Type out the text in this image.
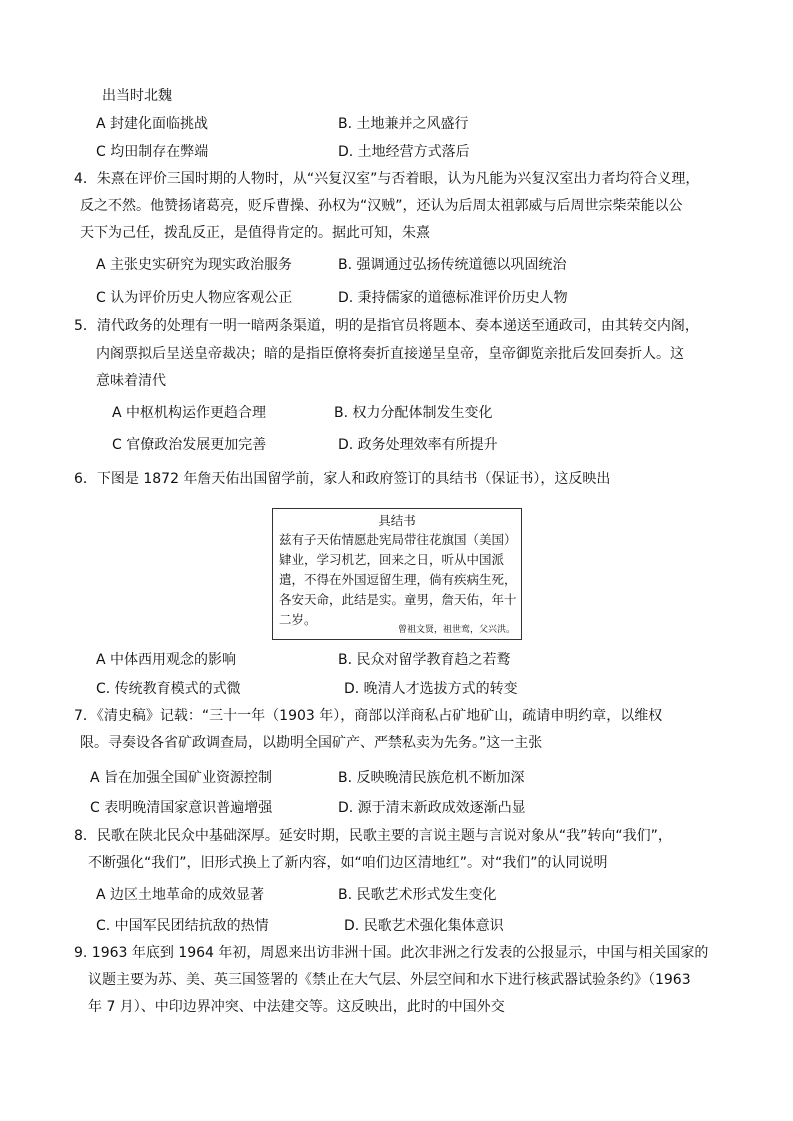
出当时北魏
A 封建化面临挑战	B. 土地兼并之风盛行
C 均田制存在弊端	D. 土地经营方式落后
4．朱熹在评价三国时期的人物时，从“兴复汉室”与否着眼，认为凡能为兴复汉室出力者均符合义理，
反之不然。他赞扬诸葛亮，贬斥曹操、孙权为“汉贼”，还认为后周太祖郭威与后周世宗柴荣能以公
天下为己任，拨乱反正，是值得肯定的。据此可知，朱熹
A 主张史实研究为现实政治服务	B. 强调通过弘扬传统道德以巩固统治
C 认为评价历史人物应客观公正	D. 秉持儒家的道德标准评价历史人物
5．清代政务的处理有一明一暗两条渠道，明的是指官员将题本、奏本递送至通政司，由其转交内阁，
内阁票拟后呈送皇帝裁决；暗的是指臣僚将奏折直接递呈皇帝，皇帝御览亲批后发回奏折人。这
意味着清代
A 中枢机构运作更趋合理	B. 权力分配体制发生变化
C 官僚政治发展更加完善	D. 政务处理效率有所提升
6．下图是 1872 年詹天佑出国留学前，家人和政府签订的具结书（保证书），这反映出
A 中体西用观念的影响	B. 民众对留学教育趋之若鹜
C. 传统教育模式的式微	D. 晚清人才选拔方式的转变
7．《清史稿》记载：“三十一年（1903 年），商部以洋商私占矿地矿山，疏请申明约章，以维权
限。寻奏设各省矿政调查局，以勘明全国矿产、严禁私卖为先务。”这一主张
A 旨在加强全国矿业资源控制	B. 反映晚清民族危机不断加深
C 表明晚清国家意识普遍增强	D. 源于清末新政成效逐渐凸显
8．民歌在陕北民众中基础深厚。延安时期，民歌主要的言说主题与言说对象从“我”转向“我们”，
不断强化“我们”，旧形式换上了新内容，如“咱们边区清地红”。对“我们”的认同说明
A 边区土地革命的成效显著	B. 民歌艺术形式发生变化
C. 中国军民团结抗敌的热情	D. 民歌艺术强化集体意识
9. 1963 年底到 1964 年初，周恩来出访非洲十国。此次非洲之行发表的公报显示，中国与相关国家的
议题主要为苏、美、英三国签署的《禁止在大气层、外层空间和水下进行核武器试验条约》（1963
年 7 月）、中印边界冲突、中法建交等。这反映出，此时的中国外交
具结书
兹有子天佑情愿赴宪局带往花旗国（美国）
肄业，学习机艺，回来之日，听从中国派
遣，不得在外国逗留生理，倘有疾病生死，
各安天命，此结是实。童男，詹天佑，年十
二岁。
曾祖文贤，祖世鸾，父兴洪。
